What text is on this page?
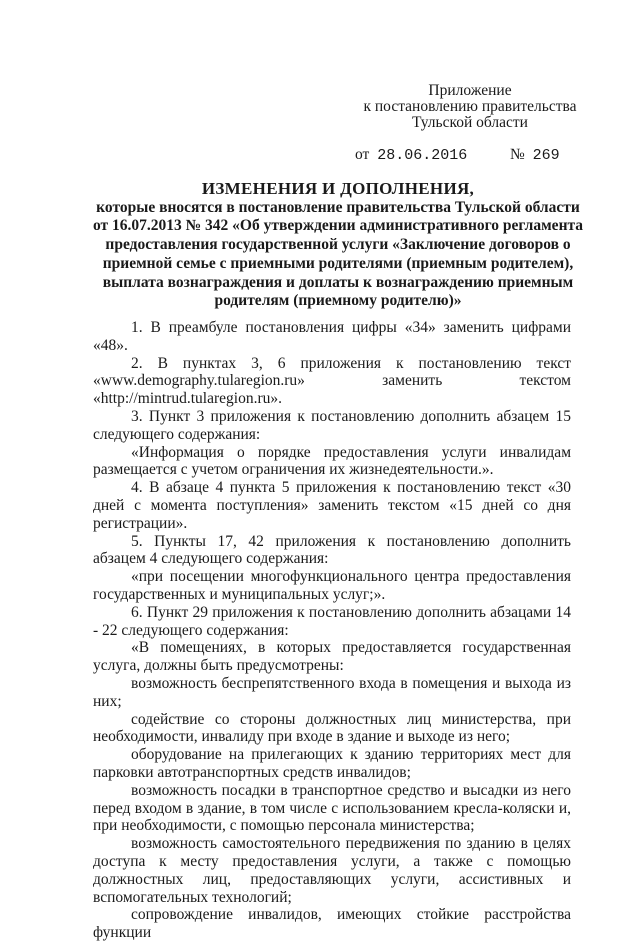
Приложение
к постановлению правительства
Тульской области
от 28.06.2016	№ 269
ИЗМЕНЕНИЯ И ДОПОЛНЕНИЯ,
которые вносятся в постановление правительства Тульской области от 16.07.2013 № 342 «Об утверждении административного регламента предоставления государственной услуги «Заключение договоров о приемной семье с приемными родителями (приемным родителем), выплата вознаграждения и доплаты к вознаграждению приемным родителям (приемному родителю)»

1. В преамбуле постановления цифры «34» заменить цифрами «48».

2. В пунктах 3, 6 приложения к постановлению текст «www.demography.tularegion.ru» заменить текстом «http://mintrud.tularegion.ru».

3. Пункт 3 приложения к постановлению дополнить абзацем 15 следующего содержания:

«Информация о порядке предоставления услуги инвалидам размещается с учетом ограничения их жизнедеятельности.».

4. В абзаце 4 пункта 5 приложения к постановлению текст «30 дней с момента поступления» заменить текстом «15 дней со дня регистрации».

5. Пункты 17, 42 приложения к постановлению дополнить абзацем 4 следующего содержания:

«при посещении многофункционального центра предоставления государственных и муниципальных услуг;».

6. Пункт 29 приложения к постановлению дополнить абзацами 14 - 22 следующего содержания:

«В помещениях, в которых предоставляется государственная услуга, должны быть предусмотрены:

возможность беспрепятственного входа в помещения и выхода из них;

содействие со стороны должностных лиц министерства, при необходимости, инвалиду при входе в здание и выходе из него;

оборудование на прилегающих к зданию территориях мест для парковки автотранспортных средств инвалидов;

возможность посадки в транспортное средство и высадки из него перед входом в здание, в том числе с использованием кресла-коляски и, при необходимости, с помощью персонала министерства;

возможность самостоятельного передвижения по зданию в целях доступа к месту предоставления услуги, а также с помощью должностных лиц, предоставляющих услуги, ассистивных и вспомогательных технологий;

сопровождение инвалидов, имеющих стойкие расстройства функции
